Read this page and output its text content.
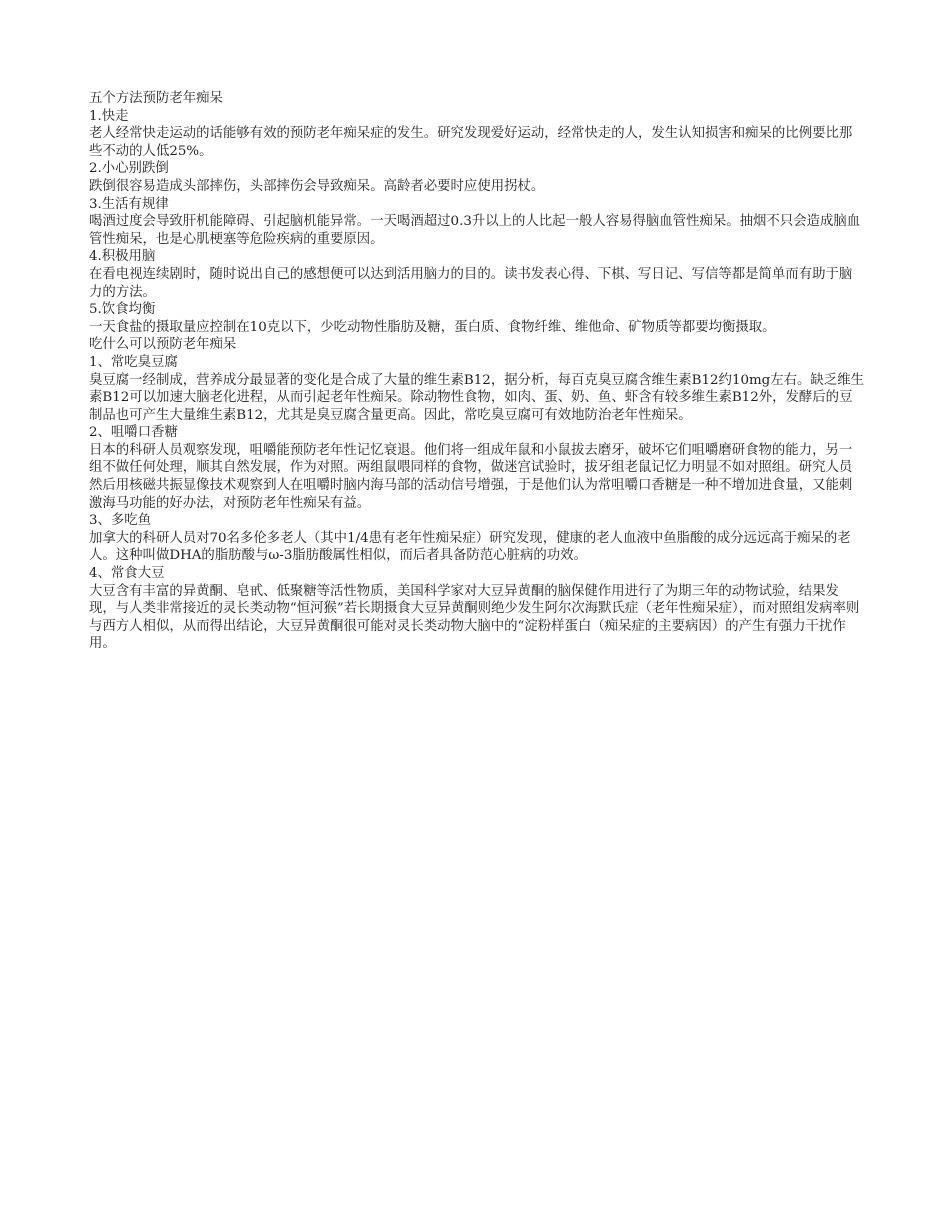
五个方法预防老年痴呆
1.快走
老人经常快走运动的话能够有效的预防老年痴呆症的发生。研究发现爱好运动，经常快走的人，发生认知损害和痴呆的比例要比那些不动的人低25%。
2.小心别跌倒
跌倒很容易造成头部摔伤，头部摔伤会导致痴呆。高龄者必要时应使用拐杖。
3.生活有规律
喝酒过度会导致肝机能障碍、引起脑机能异常。一天喝酒超过0.3升以上的人比起一般人容易得脑血管性痴呆。抽烟不只会造成脑血管性痴呆，也是心肌梗塞等危险疾病的重要原因。
4.积极用脑
在看电视连续剧时，随时说出自己的感想便可以达到活用脑力的目的。读书发表心得、下棋、写日记、写信等都是简单而有助于脑力的方法。
5.饮食均衡
一天食盐的摄取量应控制在10克以下，少吃动物性脂肪及糖，蛋白质、食物纤维、维他命、矿物质等都要均衡摄取。
吃什么可以预防老年痴呆
1、常吃臭豆腐
臭豆腐一经制成，营养成分最显著的变化是合成了大量的维生素B12，据分析，每百克臭豆腐含维生素B12约10mg左右。缺乏维生素B12可以加速大脑老化进程，从而引起老年性痴呆。除动物性食物，如肉、蛋、奶、鱼、虾含有较多维生素B12外，发酵后的豆制品也可产生大量维生素B12，尤其是臭豆腐含量更高。因此，常吃臭豆腐可有效地防治老年性痴呆。
2、咀嚼口香糖
日本的科研人员观察发现，咀嚼能预防老年性记忆衰退。他们将一组成年鼠和小鼠拔去磨牙，破坏它们咀嚼磨研食物的能力，另一组不做任何处理，顺其自然发展，作为对照。两组鼠喂同样的食物，做迷宫试验时，拔牙组老鼠记忆力明显不如对照组。研究人员然后用核磁共振显像技术观察到人在咀嚼时脑内海马部的活动信号增强，于是他们认为常咀嚼口香糖是一种不增加进食量，又能刺激海马功能的好办法，对预防老年性痴呆有益。
3、多吃鱼
加拿大的科研人员对70名多伦多老人（其中1/4患有老年性痴呆症）研究发现，健康的老人血液中鱼脂酸的成分远远高于痴呆的老人。这种叫做DHA的脂肪酸与ω-3脂肪酸属性相似，而后者具备防范心脏病的功效。
4、常食大豆
大豆含有丰富的异黄酮、皂甙、低聚糖等活性物质，美国科学家对大豆异黄酮的脑保健作用进行了为期三年的动物试验，结果发现，与人类非常接近的灵长类动物“恒河猴”若长期摄食大豆异黄酮则绝少发生阿尔次海默氏症（老年性痴呆症），而对照组发病率则与西方人相似，从而得出结论，大豆异黄酮很可能对灵长类动物大脑中的“淀粉样蛋白（痴呆症的主要病因）的产生有强力干扰作用。
